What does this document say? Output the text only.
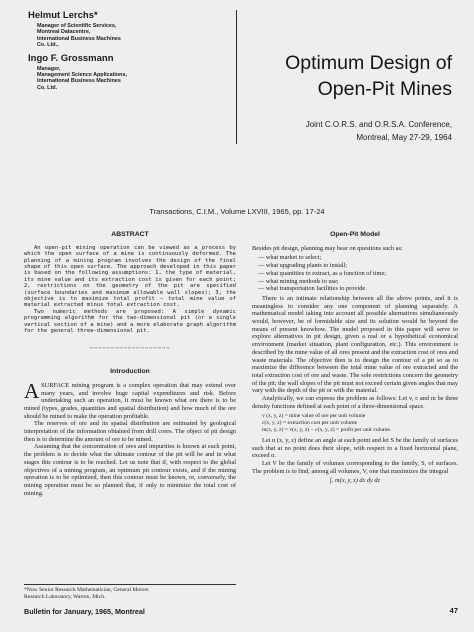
Helmut Lerchs*
Manager of Scientific Services,
Montreal Datacentre,
International Business Machines
Co. Ltd.,
Ingo F. Grossmann
Manager,
Management Science Applications,
International Business Machines
Co. Ltd.
Optimum Design of
Open-Pit Mines
Joint C.O.R.S. and O.R.S.A. Conference,
Montreal, May 27-29, 1964
Transactions, C.I.M., Volume LXVIII, 1965, pp. 17-24
ABSTRACT

An open-pit mining operation can be viewed as a process by which the open surface of a mine is continuously deformed. The planning of a mining program involves the design of the final shape of this open surface. The approach developed in this paper is based on the following assumptions: 1, the type of material, its mine value and its extraction cost is given for each point; 2, restrictions on the geometry of the pit are specified (surface boundaries and maximum allowable wall slopes); 3, the objective is to maximize total profit — total mine value of material extracted minus total extraction cost.

Two numeric methods are proposed: A simple dynamic programming algorithm for the two-dimensional pit (or a single vertical section of a mine) and a more elaborate graph algorithm for the general three-dimensional pit.

~~~~~~~~~~~~~~~~~~~
Introduction

ASURFACE mining program is a complex operation that may extend over many years, and involve huge capital expenditures and risk. Before undertaking such an operation, it must be known what ore there is to be mined (types, grades, quantities and spatial distribution) and how much of the ore should be mined to make the operation profitable.

The reserves of ore and its spatial distribution are estimated by geological interpretation of the information obtained from drill cores. The object of pit design then is to determine the amount of ore to be mined.

Assuming that the concentration of ores and impurities is known at each point, the problem is to decide what the ultimate contour of the pit will be and in what stages this contour is to be reached. Let us note that if, with respect to the global objectives of a mining program, an optimum pit contour exists, and if the mining operation is to be optimized, then this contour must be known, or, conversely, the mining operation must be so planned that, if only to minimize the total cost of mining.

Open-Pit Model

Besides pit design, planning may bear on questions such as:

— what market to select;
— what upgrading plants to install;
— what quantities to extract, as a function of time;
— what mining methods to use;
— what transportation facilities to provide.

There is an intimate relationship between all the above points, and it is meaningless to consider any one component of planning separately. A mathematical model taking into account all possible alternatives simultaneously would, however, be of formidable size and its solution would be beyond the means of present knowhow. The model proposed in this paper will serve to explore alternatives in pit design, given a real or a hypothetical economical environment (market situation, plant configuration, etc.). This environment is described by the mine value of all ores present and the extraction cost of ores and waste materials. The objective then is to design the contour of a pit so as to maximize the difference between the total mine value of ore extracted and the total extraction cost of ore and waste. The sole restrictions concern the geometry of the pit; the wall slopes of the pit must not exceed certain given angles that may vary with the depth of the pit or with the material.

Analytically, we can express the problem as follows: Let v, c and m be three density functions defined at each point of a three-dimensional space.

v (x, y, z) = mine value of ore per unit volume
c(x, y, z) = extraction cost per unit volume
m(x, y, z) = v(x, y, z) − c(x, y, z) = profit per unit volume.

Let α (x, y, z) define an angle at each point and let S be the family of surfaces such that at no point does their slope, with respect to a fixed horizontal plane, exceed α.

Let V be the family of volumes corresponding to the family, S, of surfaces. The problem is to find, among all volumes, V, one that maximizes the integral

∫ᵥ m(x, y, z) dx dy dz
*Now Senior Research Mathematician, General Motors
Research Laboratory, Warren, Mich.
Bulletin for January, 1965, Montreal	47
